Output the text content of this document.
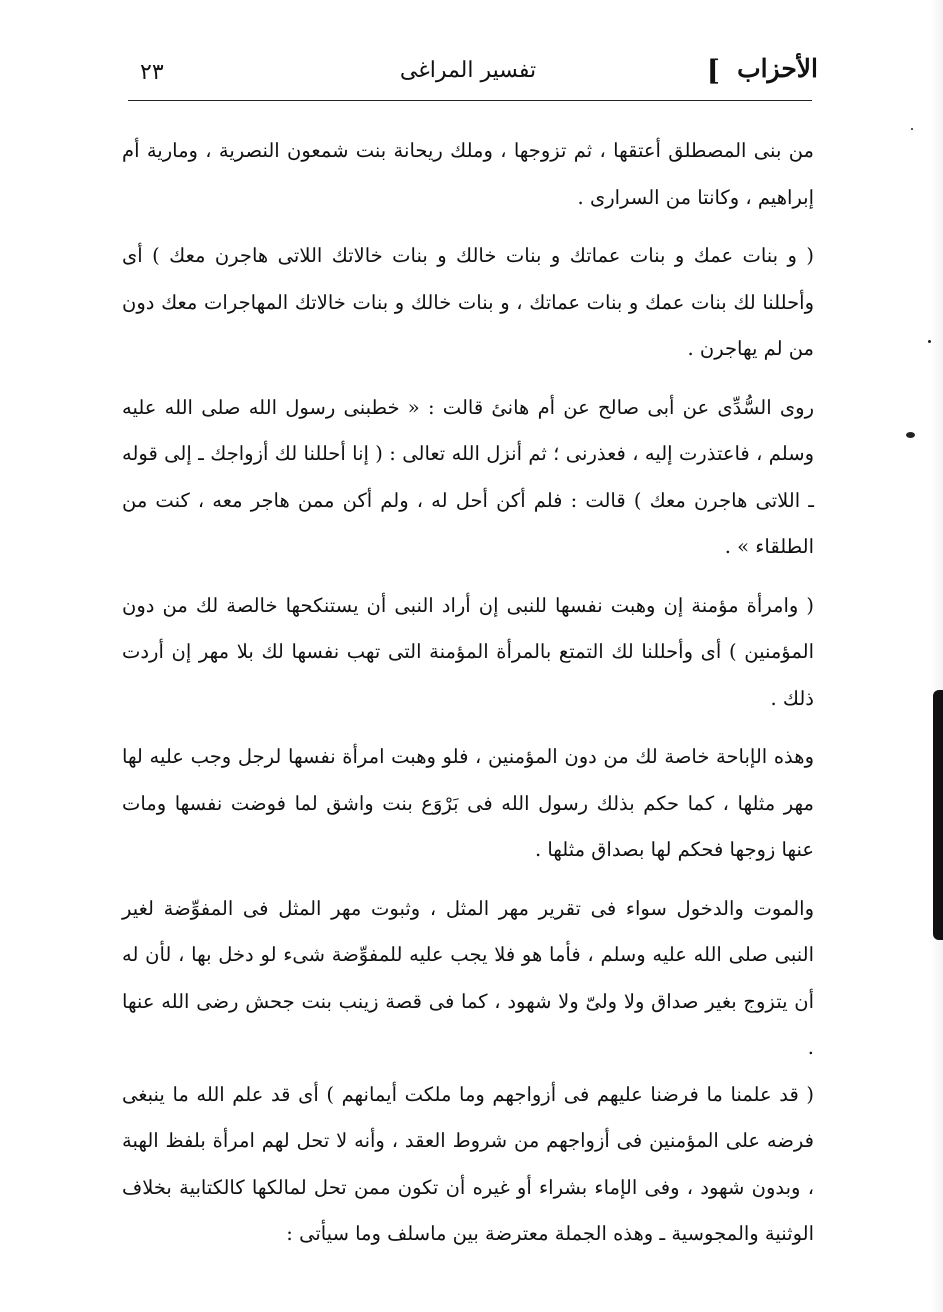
الأحزاب
]
تفسير المراغى
٢٣

من بنى المصطلق أعتقها ، ثم تزوجها ، وملك ريحانة بنت شمعون النصرية ، ومارية أم إبراهيم ، وكانتا من السرارى .

( و بنات عمك و بنات عماتك و بنات خالك و بنات خالاتك اللاتى هاجرن معك ) أى وأحللنا لك بنات عمك و بنات عماتك ، و بنات خالك و بنات خالاتك المهاجرات معك دون من لم يهاجرن .

روى السُّدِّى عن أبى صالح عن أم هانئ قالت : « خطبنى رسول الله صلى الله عليه وسلم ، فاعتذرت إليه ، فعذرنى ؛ ثم أنزل الله تعالى : ( إنا أحللنا لك أزواجك ـ إلى قوله ـ اللاتى هاجرن معك ) قالت : فلم أكن أحل له ، ولم أكن ممن هاجر معه ، كنت من الطلقاء » .

( وامرأة مؤمنة إن وهبت نفسها للنبى إن أراد النبى أن يستنكحها خالصة لك من دون المؤمنين ) أى وأحللنا لك التمتع بالمرأة المؤمنة التى تهب نفسها لك بلا مهر إن أردت ذلك .

وهذه الإباحة خاصة لك من دون المؤمنين ، فلو وهبت امرأة نفسها لرجل وجب عليه لها مهر مثلها ، كما حكم بذلك رسول الله فى بَرْوَع بنت واشق لما فوضت نفسها ومات عنها زوجها فحكم لها بصداق مثلها .

والموت والدخول سواء فى تقرير مهر المثل ، وثبوت مهر المثل فى المفوِّضة لغير النبى صلى الله عليه وسلم ، فأما هو فلا يجب عليه للمفوِّضة شىء لو دخل بها ، لأن له أن يتزوج بغير صداق ولا ولىّ ولا شهود ، كما فى قصة زينب بنت جحش رضى الله عنها .

( قد علمنا ما فرضنا عليهم فى أزواجهم وما ملكت أيمانهم ) أى قد علم الله ما ينبغى فرضه على المؤمنين فى أزواجهم من شروط العقد ، وأنه لا تحل لهم امرأة بلفظ الهبة ، وبدون شهود ، وفى الإماء بشراء أو غيره أن تكون ممن تحل لمالكها كالكتابية بخلاف الوثنية والمجوسية ـ وهذه الجملة معترضة بين ماسلف وما سيأتى :
